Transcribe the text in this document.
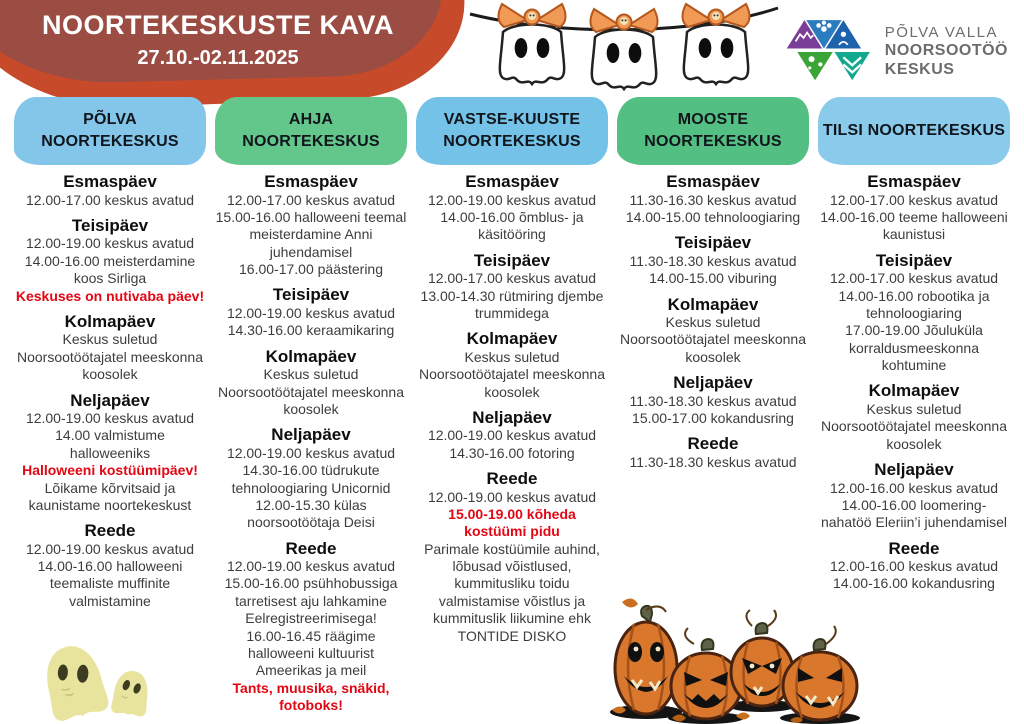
NOORTEKESKUSTE KAVA
27.10.-02.11.2025
PÕLVA VALLA
NOORSOOTÖÖ
KESKUS
PÕLVA NOORTEKESKUS
Esmaspäev
12.00-17.00 keskus avatud
Teisipäev
12.00-19.00 keskus avatud
14.00-16.00 meisterdamine koos Sirliga
Keskuses on nutivaba päev!
Kolmapäev
Keskus suletud
Noorsootöötajatel meeskonna koosolek
Neljapäev
12.00-19.00 keskus avatud
14.00 valmistume halloweeniks
Halloweeni kostüümipäev!
Lõikame kõrvitsaid ja kaunistame noortekeskust
Reede
12.00-19.00 keskus avatud
14.00-16.00 halloweeni teemaliste muffinite valmistamine
AHJA NOORTEKESKUS
Esmaspäev
12.00-17.00 keskus avatud
15.00-16.00 halloweeni teemal meisterdamine Anni juhendamisel
16.00-17.00 päästering
Teisipäev
12.00-19.00 keskus avatud
14.30-16.00 keraamikaring
Kolmapäev
Keskus suletud
Noorsootöötajatel meeskonna koosolek
Neljapäev
12.00-19.00 keskus avatud
14.30-16.00 tüdrukute tehnoloogiaring Unicornid
12.00-15.30 külas noorsootöötaja Deisi
Reede
12.00-19.00 keskus avatud
15.00-16.00 psühhobussiga tarretisest aju lahkamine
Eelregistreerimisega!
16.00-16.45 räägime halloweeni kultuurist Ameerikas ja meil
Tants, muusika, snäkid, fotoboks!
VASTSE-KUUSTE NOORTEKESKUS
Esmaspäev
12.00-19.00 keskus avatud
14.00-16.00 õmblus- ja käsitööring
Teisipäev
12.00-17.00 keskus avatud
13.00-14.30 rütmiring djembe trummidega
Kolmapäev
Keskus suletud
Noorsootöötajatel meeskonna koosolek
Neljapäev
12.00-19.00 keskus avatud
14.30-16.00 fotoring
Reede
12.00-19.00 keskus avatud
15.00-19.00 kõheda kostüümi pidu
Parimale kostüümile auhind, lõbusad võistlused, kummitusliku toidu valmistamise võistlus ja kummituslik liikumine ehk TONTIDE DISKO
MOOSTE NOORTEKESKUS
Esmaspäev
11.30-16.30 keskus avatud
14.00-15.00 tehnoloogiaring
Teisipäev
11.30-18.30 keskus avatud
14.00-15.00 viburing
Kolmapäev
Keskus suletud
Noorsootöötajatel meeskonna koosolek
Neljapäev
11.30-18.30 keskus avatud
15.00-17.00 kokandusring
Reede
11.30-18.30 keskus avatud
TILSI NOORTEKESKUS
Esmaspäev
12.00-17.00 keskus avatud
14.00-16.00 teeme halloweeni kaunistusi
Teisipäev
12.00-17.00 keskus avatud
14.00-16.00 robootika ja tehnoloogiaring
17.00-19.00 Jõuluküla korraldusmeeskonna kohtumine
Kolmapäev
Keskus suletud
Noorsootöötajatel meeskonna koosolek
Neljapäev
12.00-16.00 keskus avatud
14.00-16.00 loomering- nahatöö Eleriin’i juhendamisel
Reede
12.00-16.00 keskus avatud
14.00-16.00 kokandusring
